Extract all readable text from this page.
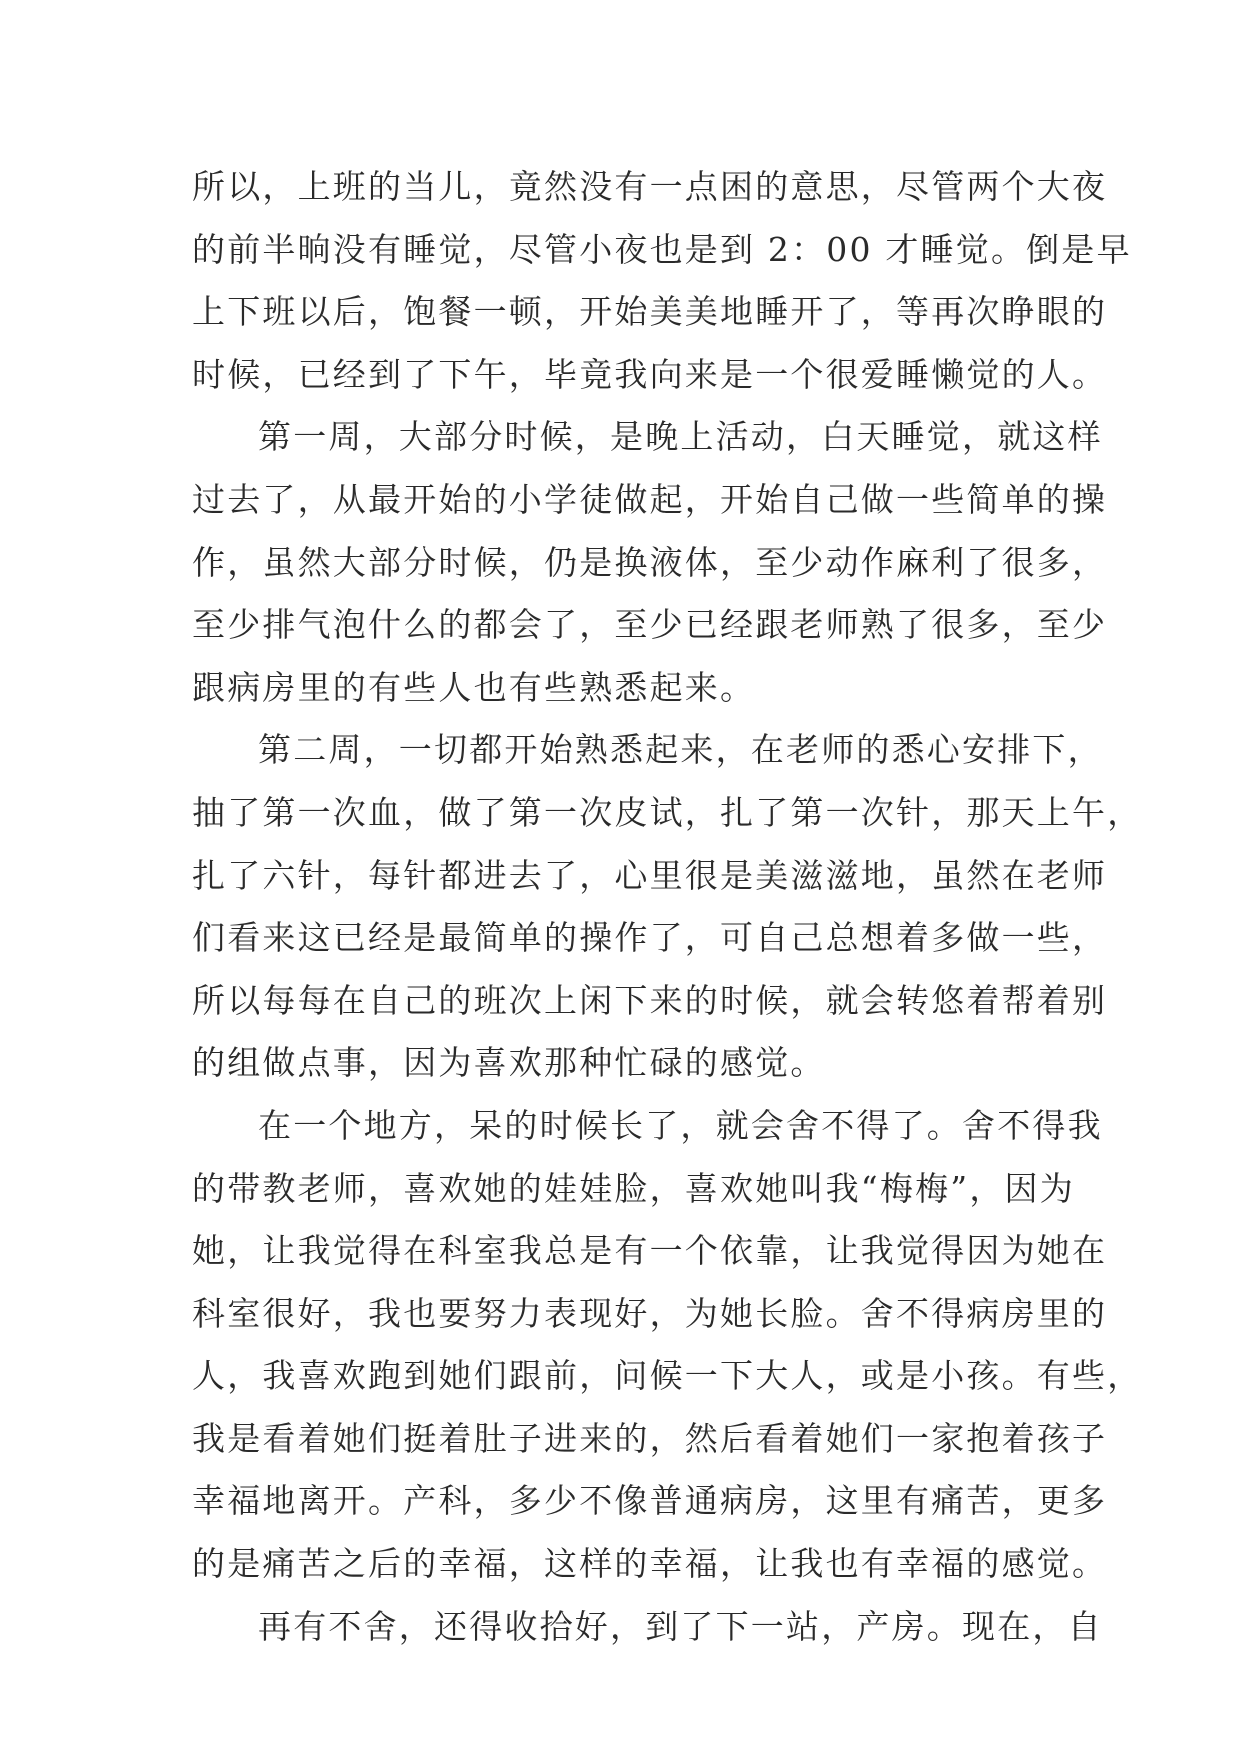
所以，上班的当儿，竟然没有一点困的意思，尽管两个大夜
的前半晌没有睡觉，尽管小夜也是到 2：00 才睡觉。倒是早
上下班以后，饱餐一顿，开始美美地睡开了，等再次睁眼的
时候，已经到了下午，毕竟我向来是一个很爱睡懒觉的人。
第一周，大部分时候，是晚上活动，白天睡觉，就这样
过去了，从最开始的小学徒做起，开始自己做一些简单的操
作，虽然大部分时候，仍是换液体，至少动作麻利了很多，
至少排气泡什么的都会了，至少已经跟老师熟了很多，至少
跟病房里的有些人也有些熟悉起来。
第二周，一切都开始熟悉起来，在老师的悉心安排下，
抽了第一次血，做了第一次皮试，扎了第一次针，那天上午，
扎了六针，每针都进去了，心里很是美滋滋地，虽然在老师
们看来这已经是最简单的操作了，可自己总想着多做一些，
所以每每在自己的班次上闲下来的时候，就会转悠着帮着别
的组做点事，因为喜欢那种忙碌的感觉。
在一个地方，呆的时候长了，就会舍不得了。舍不得我
的带教老师，喜欢她的娃娃脸，喜欢她叫我“梅梅”，因为
她，让我觉得在科室我总是有一个依靠，让我觉得因为她在
科室很好，我也要努力表现好，为她长脸。舍不得病房里的
人，我喜欢跑到她们跟前，问候一下大人，或是小孩。有些，
我是看着她们挺着肚子进来的，然后看着她们一家抱着孩子
幸福地离开。产科，多少不像普通病房，这里有痛苦，更多
的是痛苦之后的幸福，这样的幸福，让我也有幸福的感觉。
再有不舍，还得收拾好，到了下一站，产房。现在，自
